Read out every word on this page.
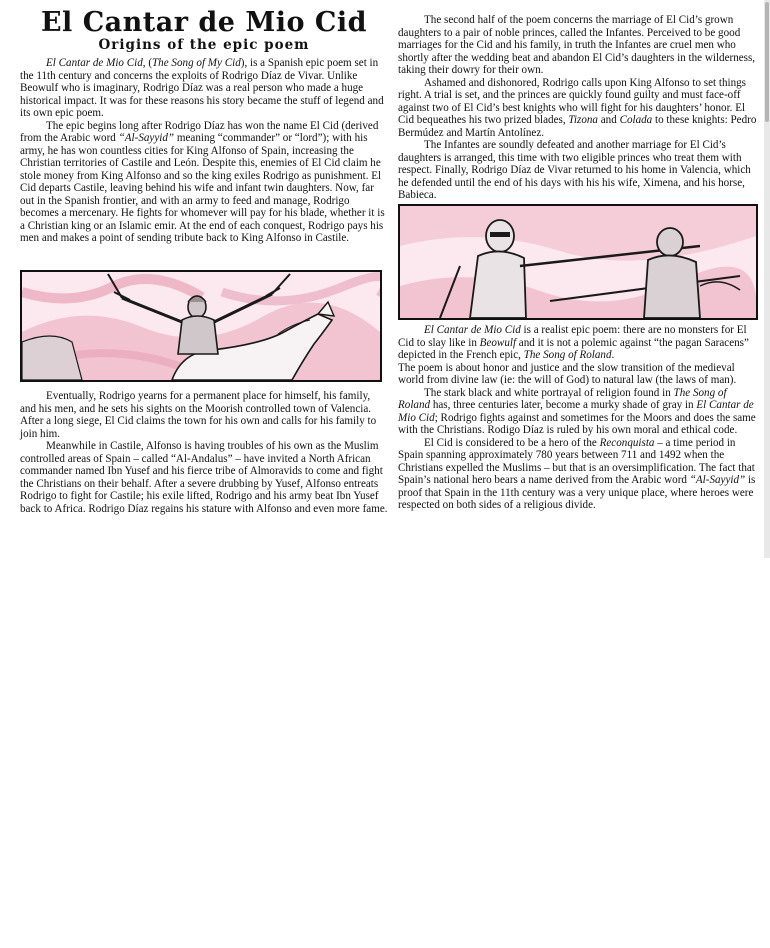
El Cantar de Mio Cid
Origins of the epic poem

El Cantar de Mio Cid, (The Song of My Cid), is a Spanish epic poem set in the 11th century and concerns the exploits of Rodrigo Díaz de Vivar. Unlike Beowulf who is imaginary, Rodrigo Díaz was a real person who made a huge historical impact. It was for these reasons his story became the stuff of legend and its own epic poem.

The epic begins long after Rodrigo Díaz has won the name El Cid (derived from the Arabic word “Al-Sayyid” meaning “commander” or “lord”); with his army, he has won countless cities for King Alfonso of Spain, increasing the Christian territories of Castile and León. Despite this, enemies of El Cid claim he stole money from King Alfonso and so the king exiles Rodrigo as punishment. El Cid departs Castile, leaving behind his wife and infant twin daughters. Now, far out in the Spanish frontier, and with an army to feed and manage, Rodrigo becomes a mercenary. He fights for whomever will pay for his blade, whether it is a Christian king or an Islamic emir. At the end of each conquest, Rodrigo pays his men and makes a point of sending tribute back to King Alfonso in Castile.

Eventually, Rodrigo yearns for a permanent place for himself, his family, and his men, and he sets his sights on the Moorish controlled town of Valencia. After a long siege, El Cid claims the town for his own and calls for his family to join him.

Meanwhile in Castile, Alfonso is having troubles of his own as the Muslim controlled areas of Spain – called “Al-Andalus” – have invited a North African commander named Ibn Yusef and his fierce tribe of Almoravids to come and fight the Christians on their behalf. After a severe drubbing by Yusef, Alfonso entreats Rodrigo to fight for Castile; his exile lifted, Rodrigo and his army beat Ibn Yusef back to Africa. Rodrigo Díaz regains his stature with Alfonso and even more fame.

The second half of the poem concerns the marriage of El Cid’s grown daughters to a pair of noble princes, called the Infantes. Perceived to be good marriages for the Cid and his family, in truth the Infantes are cruel men who shortly after the wedding beat and abandon El Cid’s daughters in the wilderness, taking their dowry for their own.

Ashamed and dishonored, Rodrigo calls upon King Alfonso to set things right. A trial is set, and the princes are quickly found guilty and must face-off against two of El Cid’s best knights who will fight for his daughters’ honor. El Cid bequeathes his two prized blades, Tizona and Colada to these knights: Pedro Bermúdez and Martín Antolínez.

The Infantes are soundly defeated and another marriage for El Cid’s daughters is arranged, this time with two eligible princes who treat them with respect. Finally, Rodrigo Díaz de Vivar returned to his home in Valencia, which he defended until the end of his days with his his wife, Ximena, and his horse, Babieca.

El Cantar de Mio Cid is a realist epic poem: there are no monsters for El Cid to slay like in Beowulf and it is not a polemic against “the pagan Saracens” depicted in the French epic, The Song of Roland.

The poem is about honor and justice and the slow transition of the medieval world from divine law (ie: the will of God) to natural law (the laws of man).

The stark black and white portrayal of religion found in The Song of Roland has, three centuries later, become a murky shade of gray in El Cantar de Mio Cid; Rodrigo fights against and sometimes for the Moors and does the same with the Christians. Rodigo Díaz is ruled by his own moral and ethical code.

El Cid is considered to be a hero of the Reconquista – a time period in Spain spanning approximately 780 years between 711 and 1492 when the Christians expelled the Muslims – but that is an oversimplification. The fact that Spain’s national hero bears a name derived from the Arabic word “Al-Sayyid” is proof that Spain in the 11th century was a very unique place, where heroes were respected on both sides of a religious divide.
